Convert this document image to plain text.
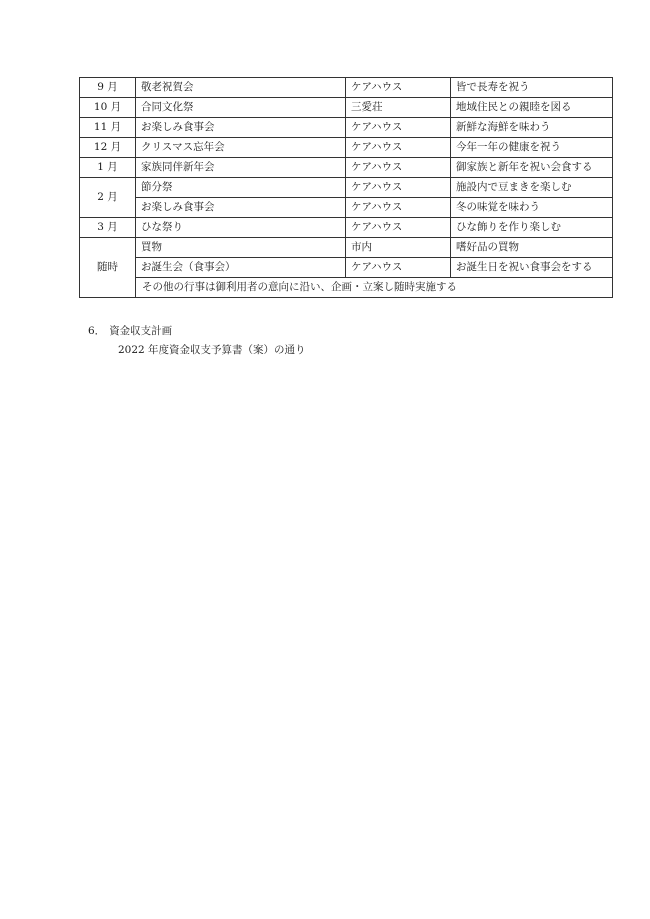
9 月	敬老祝賀会	ケアハウス	皆で長寿を祝う
10 月	合同文化祭	三愛荘	地域住民との親睦を図る
11 月	お楽しみ食事会	ケアハウス	新鮮な海鮮を味わう
12 月	クリスマス忘年会	ケアハウス	今年一年の健康を祝う
1 月	家族同伴新年会	ケアハウス	御家族と新年を祝い会食する
2 月	節分祭	ケアハウス	施設内で豆まきを楽しむ
	お楽しみ食事会	ケアハウス	冬の味覚を味わう
3 月	ひな祭り	ケアハウス	ひな飾りを作り楽しむ
随時	買物	市内	嗜好品の買物
	お誕生会（食事会）	ケアハウス	お誕生日を祝い食事会をする
	その他の行事は御利用者の意向に沿い、企画・立案し随時実施する		
6． 資金収支計画
2022 年度資金収支予算書（案）の通り
